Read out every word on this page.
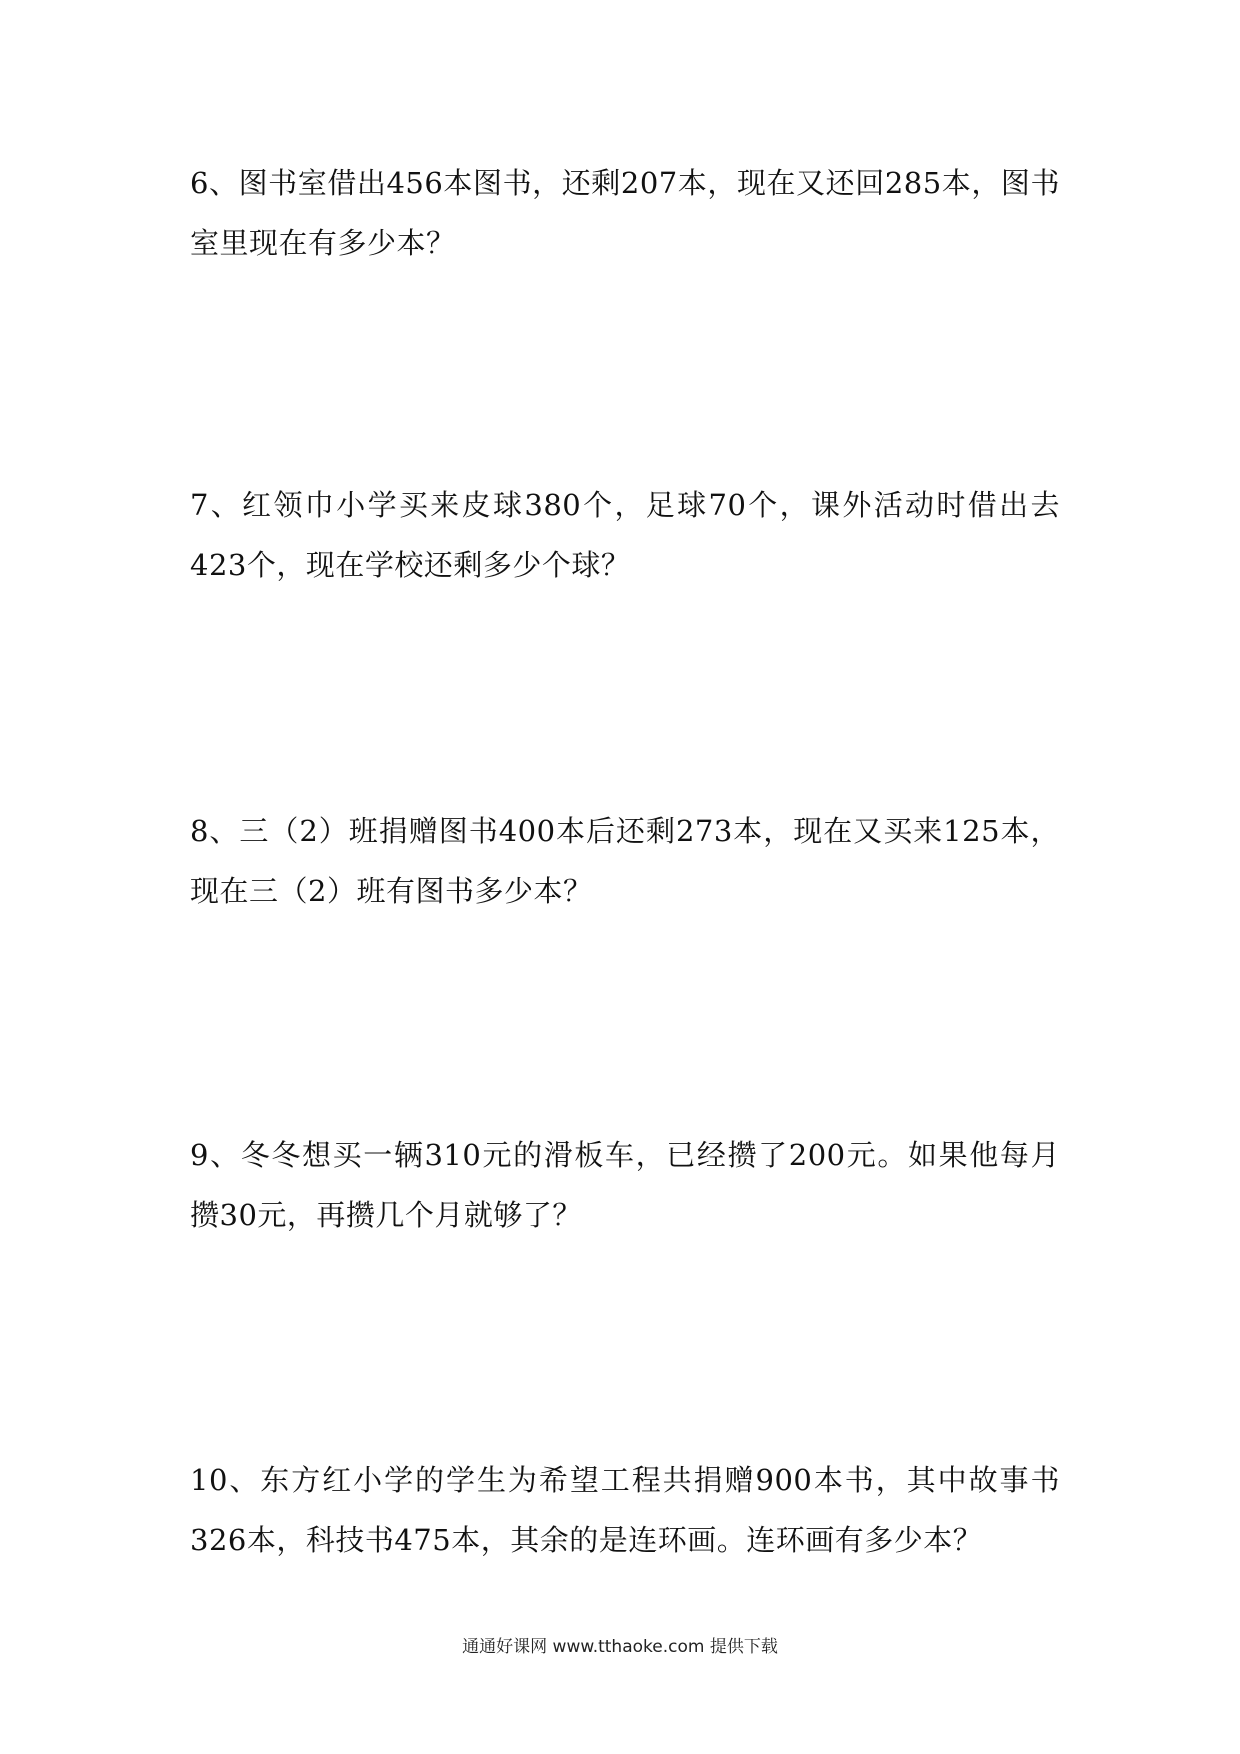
6、图书室借出456本图书，还剩207本，现在又还回285本，图书室里现在有多少本？

7、红领巾小学买来皮球380个，足球70个，课外活动时借出去423个，现在学校还剩多少个球？

8、三（2）班捐赠图书400本后还剩273本，现在又买来125本，现在三（2）班有图书多少本？

9、冬冬想买一辆310元的滑板车，已经攒了200元。如果他每月攒30元，再攒几个月就够了？

10、东方红小学的学生为希望工程共捐赠900本书，其中故事书326本，科技书475本，其余的是连环画。连环画有多少本？

通通好课网 www.tthaoke.com 提供下载
